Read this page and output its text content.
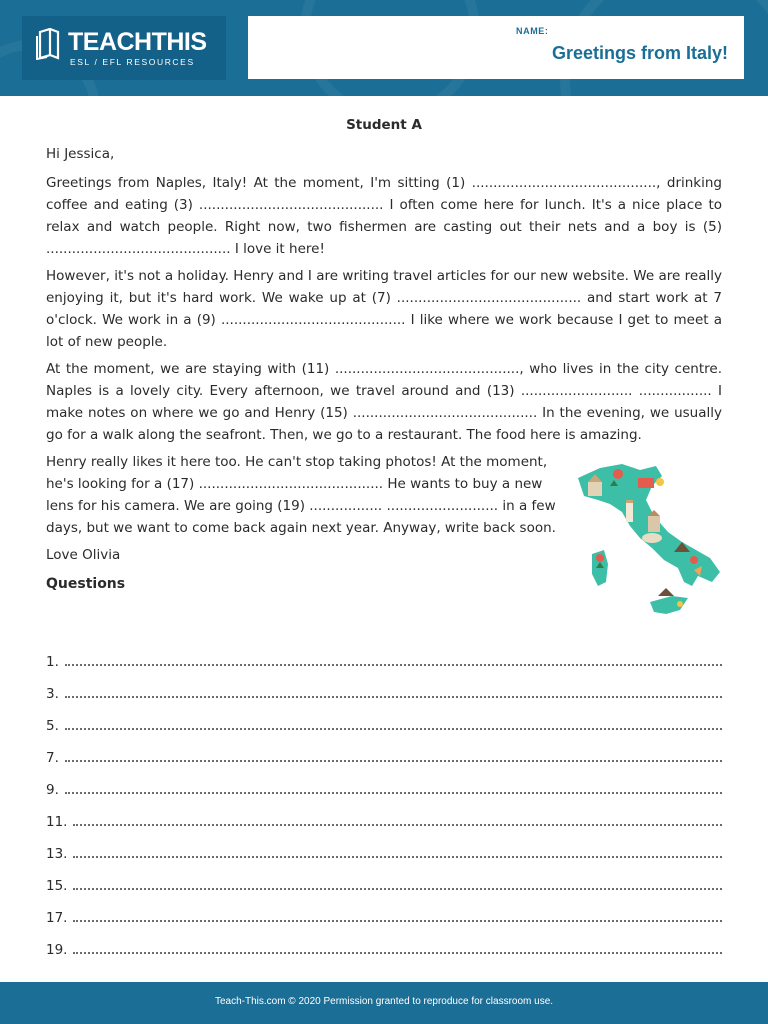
TEACHTHIS
ESL / EFL RESOURCES
NAME:
Greetings from Italy!
Student A
Hi Jessica,
Greetings from Naples, Italy! At the moment, I'm sitting (1) ..........................................., drinking coffee and eating (3) ........................................... I often come here for lunch. It's a nice place to relax and watch people. Right now, two fishermen are casting out their nets and a boy is (5) ........................................... I love it here!
However, it's not a holiday. Henry and I are writing travel articles for our new website. We are really enjoying it, but it's hard work. We wake up at (7) ........................................... and start work at 7 o'clock. We work in a (9) ........................................... I like where we work because I get to meet a lot of new people.
At the moment, we are staying with (11) ..........................................., who lives in the city centre. Naples is a lovely city. Every afternoon, we travel around and (13) .......................... ................. I make notes on where we go and Henry (15) ........................................... In the evening, we usually go for a walk along the seafront. Then, we go to a restaurant. The food here is amazing.
Henry really likes it here too. He can't stop taking photos! At the moment, he's looking for a (17) ........................................... He wants to buy a new lens for his camera. We are going (19) ................. .......................... in a few days, but we want to come back again next year. Anyway, write back soon.
Love Olivia
Questions
1.
3.
5.
7.
9.
11.
13.
15.
17.
19.
Teach-This.com © 2020 Permission granted to reproduce for classroom use.
